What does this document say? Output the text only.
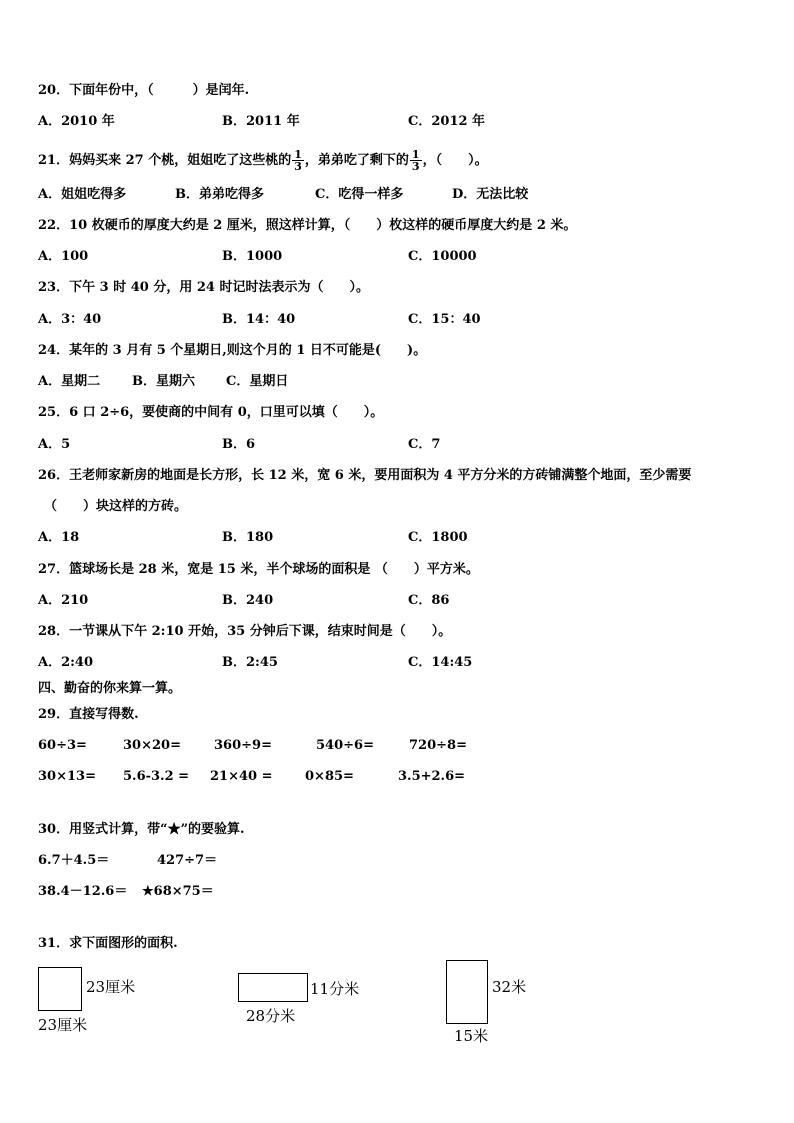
20．下面年份中，（　　　）是闰年.
A．2010 年	B．2011 年	C．2012 年
21．妈妈买来 27 个桃，姐姐吃了这些桃的 $\frac{1}{3}$ ，弟弟吃了剩下的 $\frac{1}{3}$ ，（　　）。
A．姐姐吃得多	B．弟弟吃得多	C．吃得一样多	D．无法比较
22．10 枚硬币的厚度大约是 2 厘米，照这样计算，（　　）枚这样的硬币厚度大约是 2 米。
A．100	B．1000	C．10000
23．下午 3 时 40 分，用 24 时记时法表示为（　　）。
A．3：40	B．14：40	C．15：40
24．某年的 3 月有 5 个星期日,则这个月的 1 日不可能是(　　)。
A．星期二 B．星期六 C．星期日
25．6 口 2÷6，要使商的中间有 0，口里可以填（　　）。
A．5	B．6	C．7
26．王老师家新房的地面是长方形，长 12 米，宽 6 米，要用面积为 4 平方分米的方砖铺满整个地面，至少需要
（　　）块这样的方砖。
A．18	B．180	C．1800
27．篮球场长是 28 米，宽是 15 米，半个球场的面积是 （　　）平方米。
A．210	B．240	C．86
28．一节课从下午 2:10 开始，35 分钟后下课，结束时间是（　　）。
A．2:40	B．2:45	C．14:45
四、勤奋的你来算一算。
29．直接写得数.
60÷3=	30×20=	360÷9=	540÷6=	720÷8=
30×13= 5.6-3.2 = 21×40 =	0×85=	3.5+2.6=
30．用竖式计算，带“★”的要验算.
6.7＋4.5＝	427÷7＝
38.4－12.6＝ ★68×75＝
31．求下面图形的面积.
23厘米
23厘米
11分米
28分米
32米
15米
